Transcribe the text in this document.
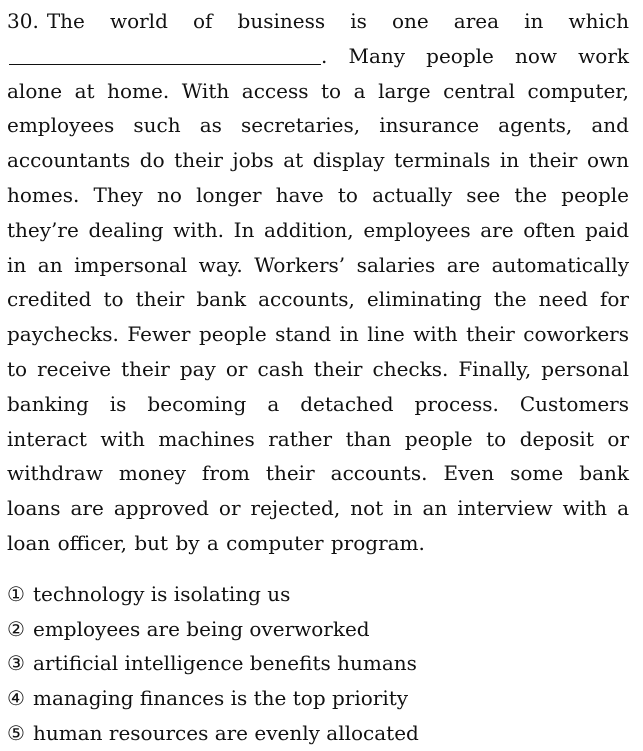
30. The world of business is one area in which . Many people now work alone at home. With access to a large central computer, employees such as secretaries, insurance agents, and accountants do their jobs at display terminals in their own homes. They no longer have to actually see the people they’re dealing with. In addition, employees are often paid in an impersonal way. Workers’ salaries are automatically credited to their bank accounts, eliminating the need for paychecks. Fewer people stand in line with their coworkers to receive their pay or cash their checks. Finally, personal banking is becoming a detached process. Customers interact with machines rather than people to deposit or withdraw money from their accounts. Even some bank loans are approved or rejected, not in an interview with a loan officer, but by a computer program.

① technology is isolating us
② employees are being overworked
③ artificial intelligence benefits humans
④ managing finances is the top priority
⑤ human resources are evenly allocated
